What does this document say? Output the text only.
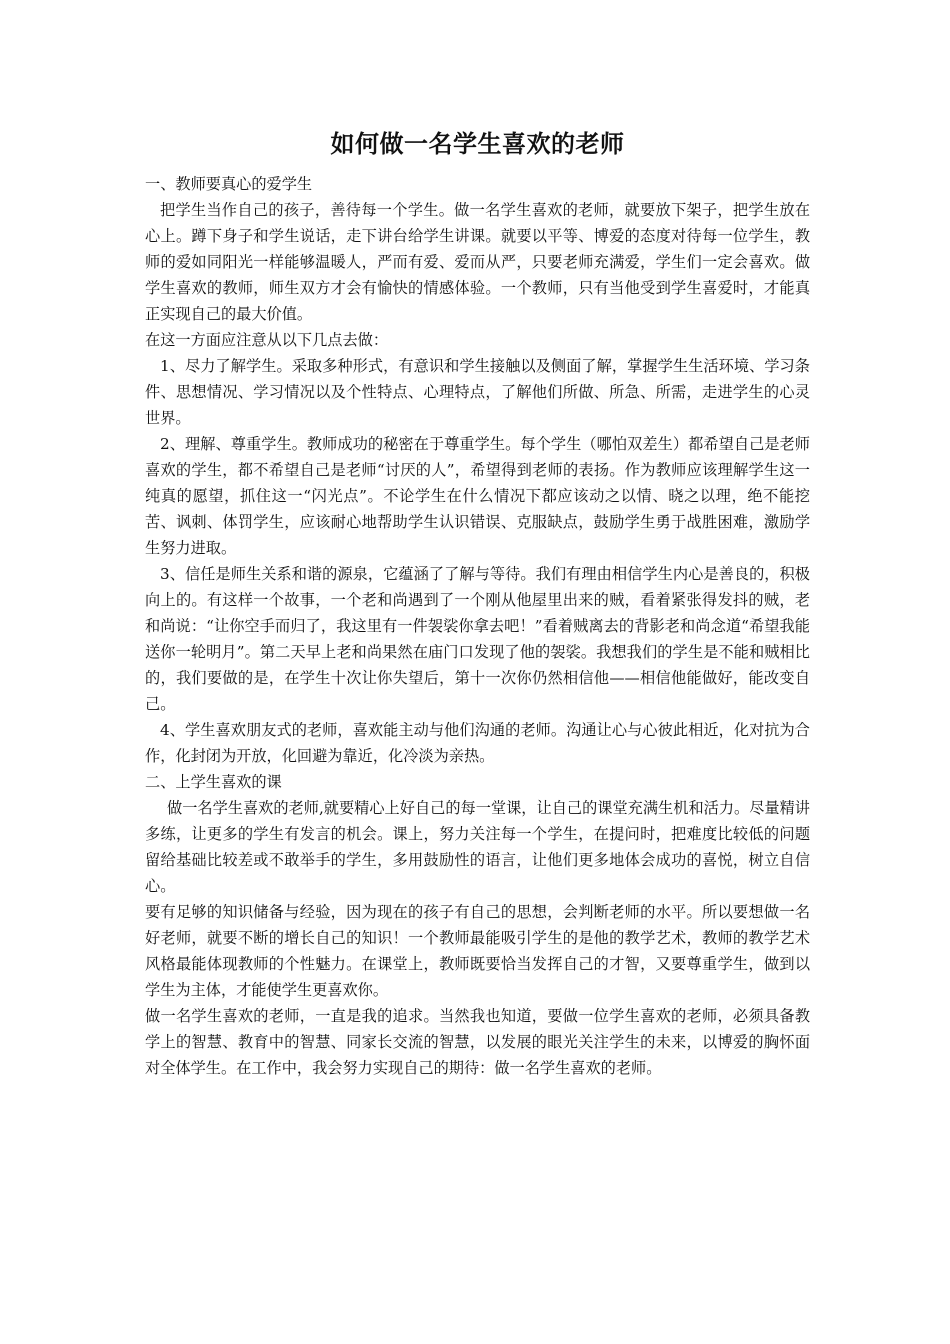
如何做一名学生喜欢的老师

一、教师要真心的爱学生

把学生当作自己的孩子，善待每一个学生。做一名学生喜欢的老师，就要放下架子，把学生放在心上。蹲下身子和学生说话，走下讲台给学生讲课。就要以平等、博爱的态度对待每一位学生，教师的爱如同阳光一样能够温暖人，严而有爱、爱而从严，只要老师充满爱，学生们一定会喜欢。做学生喜欢的教师，师生双方才会有愉快的情感体验。一个教师，只有当他受到学生喜爱时，才能真正实现自己的最大价值。

在这一方面应注意从以下几点去做：

1、尽力了解学生。采取多种形式，有意识和学生接触以及侧面了解，掌握学生生活环境、学习条件、思想情况、学习情况以及个性特点、心理特点，了解他们所做、所急、所需，走进学生的心灵世界。

2、理解、尊重学生。教师成功的秘密在于尊重学生。每个学生（哪怕双差生）都希望自己是老师喜欢的学生，都不希望自己是老师“讨厌的人”，希望得到老师的表扬。作为教师应该理解学生这一纯真的愿望，抓住这一“闪光点”。不论学生在什么情况下都应该动之以情、晓之以理，绝不能挖苦、讽刺、体罚学生，应该耐心地帮助学生认识错误、克服缺点，鼓励学生勇于战胜困难，激励学生努力进取。

3、信任是师生关系和谐的源泉，它蕴涵了了解与等待。我们有理由相信学生内心是善良的，积极向上的。有这样一个故事，一个老和尚遇到了一个刚从他屋里出来的贼，看着紧张得发抖的贼，老和尚说：“让你空手而归了，我这里有一件袈裟你拿去吧！”看着贼离去的背影老和尚念道“希望我能送你一轮明月”。第二天早上老和尚果然在庙门口发现了他的袈裟。我想我们的学生是不能和贼相比的，我们要做的是，在学生十次让你失望后，第十一次你仍然相信他——相信他能做好，能改变自己。

4、学生喜欢朋友式的老师，喜欢能主动与他们沟通的老师。沟通让心与心彼此相近，化对抗为合作，化封闭为开放，化回避为靠近，化冷淡为亲热。

二、上学生喜欢的课

做一名学生喜欢的老师,就要精心上好自己的每一堂课，让自己的课堂充满生机和活力。尽量精讲多练，让更多的学生有发言的机会。课上，努力关注每一个学生，在提问时，把难度比较低的问题留给基础比较差或不敢举手的学生，多用鼓励性的语言，让他们更多地体会成功的喜悦，树立自信心。

要有足够的知识储备与经验，因为现在的孩子有自己的思想，会判断老师的水平。所以要想做一名好老师，就要不断的增长自己的知识！一个教师最能吸引学生的是他的教学艺术，教师的教学艺术风格最能体现教师的个性魅力。在课堂上，教师既要恰当发挥自己的才智，又要尊重学生，做到以学生为主体，才能使学生更喜欢你。

做一名学生喜欢的老师，一直是我的追求。当然我也知道，要做一位学生喜欢的老师，必须具备教学上的智慧、教育中的智慧、同家长交流的智慧，以发展的眼光关注学生的未来，以博爱的胸怀面对全体学生。在工作中，我会努力实现自己的期待：做一名学生喜欢的老师。
